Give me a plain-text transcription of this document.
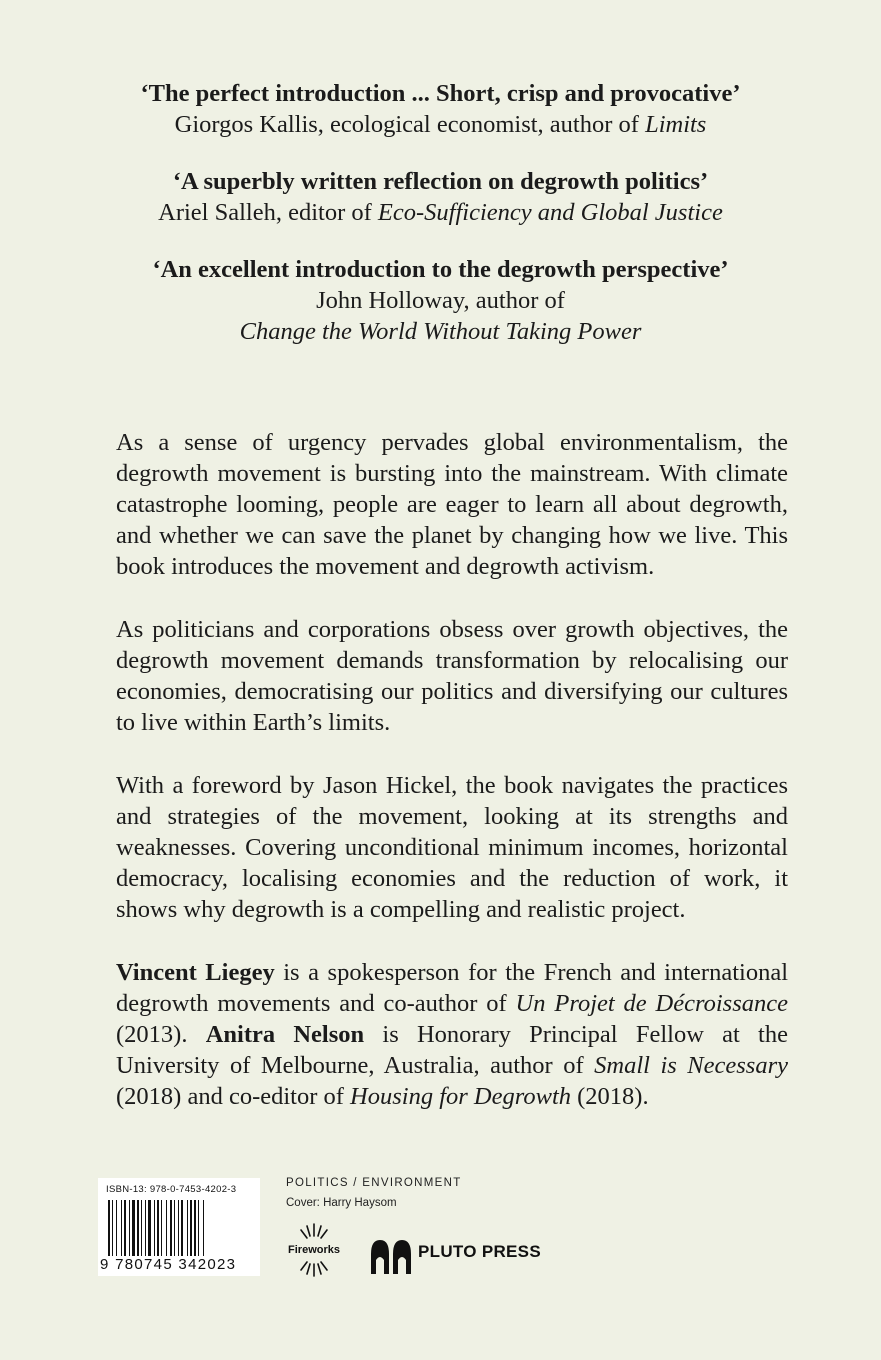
‘The perfect introduction ... Short, crisp and provocative’
Giorgos Kallis, ecological economist, author of Limits
‘A superbly written reflection on degrowth politics’
Ariel Salleh, editor of Eco-Sufficiency and Global Justice
‘An excellent introduction to the degrowth perspective’
John Holloway, author of
Change the World Without Taking Power

As a sense of urgency pervades global environmentalism, the degrowth movement is bursting into the mainstream. With climate catastrophe looming, people are eager to learn all about degrowth, and whether we can save the planet by changing how we live. This book introduces the movement and degrowth activism.

As politicians and corporations obsess over growth objectives, the degrowth movement demands transformation by relocalising our economies, democratising our politics and diversifying our cultures to live within Earth’s limits.

With a foreword by Jason Hickel, the book navigates the practices and strategies of the movement, looking at its strengths and weaknesses. Covering unconditional minimum incomes, horizontal democracy, localising economies and the reduction of work, it shows why degrowth is a compelling and realistic project.

Vincent Liegey is a spokesperson for the French and international degrowth movements and co-author of Un Projet de Décroissance (2013). Anitra Nelson is Honorary Principal Fellow at the University of Melbourne, Australia, author of Small is Necessary (2018) and co-editor of Housing for Degrowth (2018).

ISBN-13: 978-0-7453-4202-3
9 780745 342023
POLITICS / ENVIRONMENT
Cover: Harry Haysom
Fireworks	PLUTO PRESS
